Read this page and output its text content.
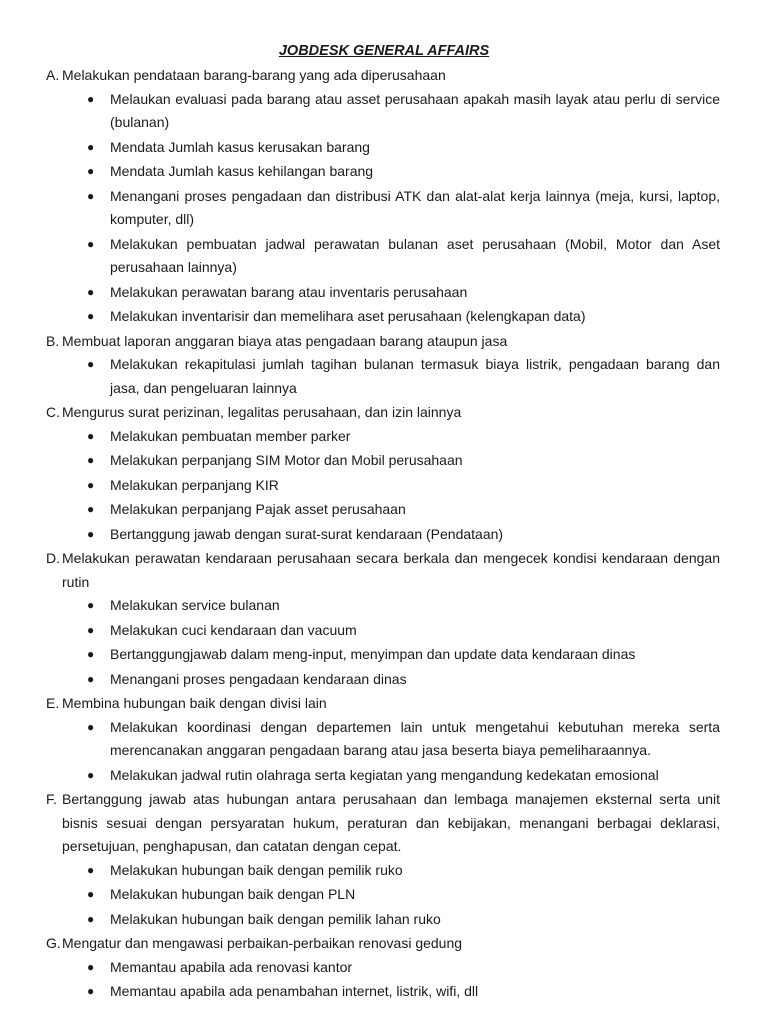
JOBDESK GENERAL AFFAIRS

A. Melakukan pendataan barang-barang yang ada diperusahaan

● Melaukan evaluasi pada barang atau asset perusahaan apakah masih layak atau perlu di service (bulanan)
● Mendata Jumlah kasus kerusakan barang
● Mendata Jumlah kasus kehilangan barang
● Menangani proses pengadaan dan distribusi ATK dan alat-alat kerja lainnya (meja, kursi, laptop, komputer, dll)
● Melakukan pembuatan jadwal perawatan bulanan aset perusahaan (Mobil, Motor dan Aset perusahaan lainnya)
● Melakukan perawatan barang atau inventaris perusahaan
● Melakukan inventarisir dan memelihara aset perusahaan (kelengkapan data)

B. Membuat laporan anggaran biaya atas pengadaan barang ataupun jasa

● Melakukan rekapitulasi jumlah tagihan bulanan termasuk biaya listrik, pengadaan barang dan jasa, dan pengeluaran lainnya

C. Mengurus surat perizinan, legalitas perusahaan, dan izin lainnya

● Melakukan pembuatan member parker
● Melakukan perpanjang SIM Motor dan Mobil perusahaan
● Melakukan perpanjang KIR
● Melakukan perpanjang Pajak asset perusahaan
● Bertanggung jawab dengan surat-surat kendaraan (Pendataan)

D. Melakukan perawatan kendaraan perusahaan secara berkala dan mengecek kondisi kendaraan dengan rutin

● Melakukan service bulanan
● Melakukan cuci kendaraan dan vacuum
● Bertanggungjawab dalam meng-input, menyimpan dan update data kendaraan dinas
● Menangani proses pengadaan kendaraan dinas

E. Membina hubungan baik dengan divisi lain

● Melakukan koordinasi dengan departemen lain untuk mengetahui kebutuhan mereka serta merencanakan anggaran pengadaan barang atau jasa beserta biaya pemeliharaannya.
● Melakukan jadwal rutin olahraga serta kegiatan yang mengandung kedekatan emosional

F. Bertanggung jawab atas hubungan antara perusahaan dan lembaga manajemen eksternal serta unit bisnis sesuai dengan persyaratan hukum, peraturan dan kebijakan, menangani berbagai deklarasi, persetujuan, penghapusan, dan catatan dengan cepat.

● Melakukan hubungan baik dengan pemilik ruko
● Melakukan hubungan baik dengan PLN
● Melakukan hubungan baik dengan pemilik lahan ruko

G. Mengatur dan mengawasi perbaikan-perbaikan renovasi gedung

● Memantau apabila ada renovasi kantor
● Memantau apabila ada penambahan internet, listrik, wifi, dll
